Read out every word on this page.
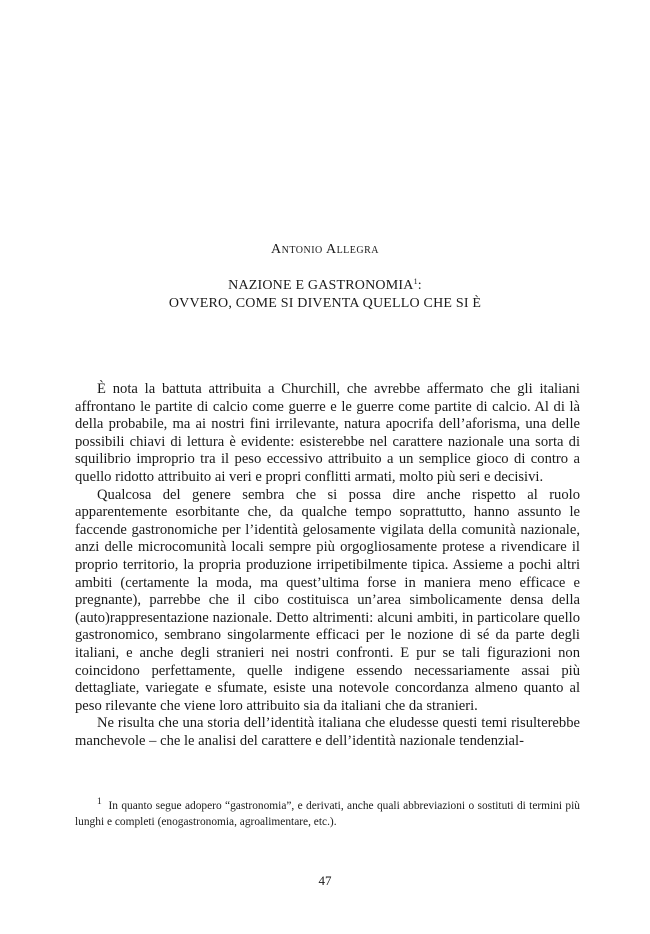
Antonio Allegra
NAZIONE E GASTRONOMIA$^1$:
OVVERO, COME SI DIVENTA QUELLO CHE SI È

È nota la battuta attribuita a Churchill, che avrebbe affermato che gli italiani affrontano le partite di calcio come guerre e le guerre come partite di calcio. Al di là della probabile, ma ai nostri fini irrilevante, natura apocrifa dell’aforisma, una delle possibili chiavi di lettura è evidente: esisterebbe nel carattere nazionale una sorta di squilibrio improprio tra il peso eccessivo attribuito a un semplice gioco di contro a quello ridotto attribuito ai veri e propri conflitti armati, molto più seri e decisivi.

Qualcosa del genere sembra che si possa dire anche rispetto al ruolo apparentemente esorbitante che, da qualche tempo soprattutto, hanno assunto le faccende gastronomiche per l’identità gelosamente vigilata della comunità nazionale, anzi delle microcomunità locali sempre più orgogliosamente protese a rivendicare il proprio territorio, la propria produzione irripetibilmente tipica. Assieme a pochi altri ambiti (certamente la moda, ma quest’ultima forse in maniera meno efficace e pregnante), parrebbe che il cibo costituisca un’area simbolicamente densa della (auto)rappresentazione nazionale. Detto altrimenti: alcuni ambiti, in particolare quello gastronomico, sembrano singolarmente efficaci per le nozione di sé da parte degli italiani, e anche degli stranieri nei nostri confronti. E pur se tali figurazioni non coincidono perfettamente, quelle indigene essendo necessariamente assai più dettagliate, variegate e sfumate, esiste una notevole concordanza almeno quanto al peso rilevante che viene loro attribuito sia da italiani che da stranieri.

Ne risulta che una storia dell’identità italiana che eludesse questi temi risulterebbe manchevole – che le analisi del carattere e dell’identità nazionale tendenzial-

$^1$ In quanto segue adopero “gastronomia”, e derivati, anche quali abbreviazioni o sostituti di termini più lunghi e completi (enogastronomia, agroalimentare, etc.).

47
